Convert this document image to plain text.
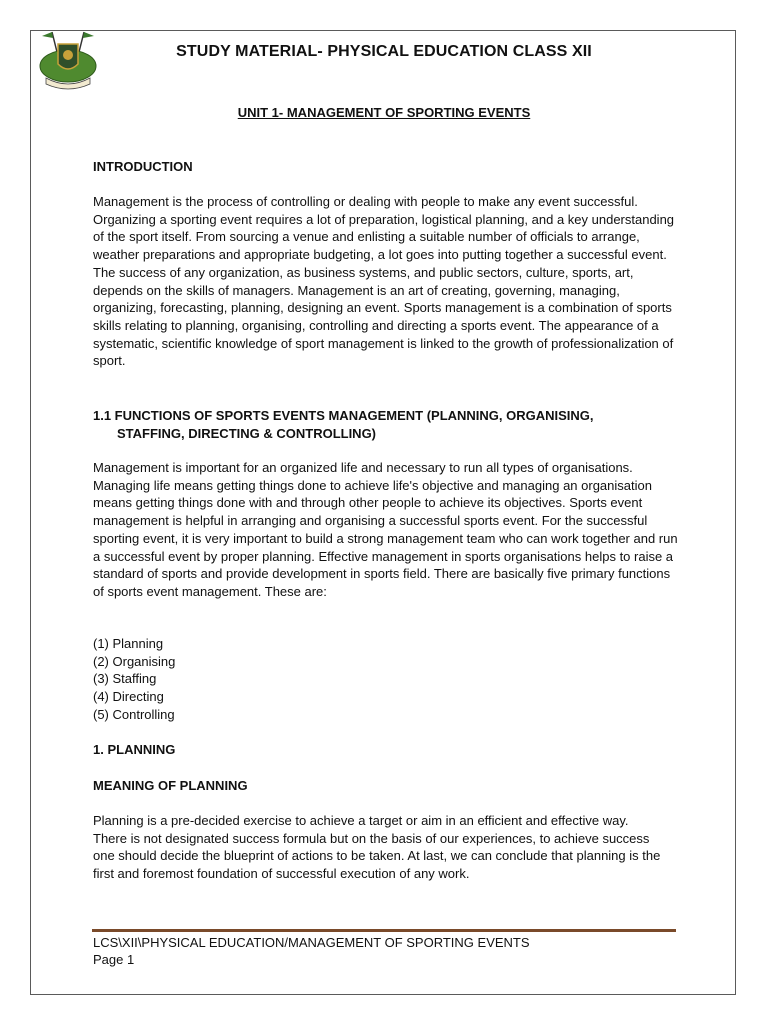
STUDY MATERIAL- PHYSICAL EDUCATION CLASS XII
UNIT 1- MANAGEMENT OF SPORTING EVENTS
INTRODUCTION
Management is the process of controlling or dealing with people to make any event successful. Organizing a sporting event requires a lot of preparation, logistical planning, and a key understanding of the sport itself. From sourcing a venue and enlisting a suitable number of officials to arrange, weather preparations and appropriate budgeting, a lot goes into putting together a successful event. The success of any organization, as business systems, and public sectors, culture, sports, art, depends on the skills of managers. Management is an art of creating, governing, managing, organizing, forecasting, planning, designing an event. Sports management is a combination of sports skills relating to planning, organising, controlling and directing a sports event. The appearance of a systematic, scientific knowledge of sport management is linked to the growth of professionalization of sport.
1.1 FUNCTIONS OF SPORTS EVENTS MANAGEMENT (PLANNING, ORGANISING,
STAFFING, DIRECTING & CONTROLLING)
Management is important for an organized life and necessary to run all types of organisations. Managing life means getting things done to achieve life's objective and managing an organisation means getting things done with and through other people to achieve its objectives. Sports event management is helpful in arranging and organising a successful sports event. For the successful sporting event, it is very important to build a strong management team who can work together and run a successful event by proper planning. Effective management in sports organisations helps to raise a standard of sports and provide development in sports field. There are basically five primary functions of sports event management. These are:
(1) Planning
(2) Organising
(3) Staffing
(4) Directing
(5) Controlling
1. PLANNING
MEANING OF PLANNING
Planning is a pre-decided exercise to achieve a target or aim in an efficient and effective way. There is not designated success formula but on the basis of our experiences, to achieve success one should decide the blueprint of actions to be taken. At last, we can conclude that planning is the first and foremost foundation of successful execution of any work.
LCS\XII\PHYSICAL EDUCATION/MANAGEMENT OF SPORTING EVENTS
Page 1
